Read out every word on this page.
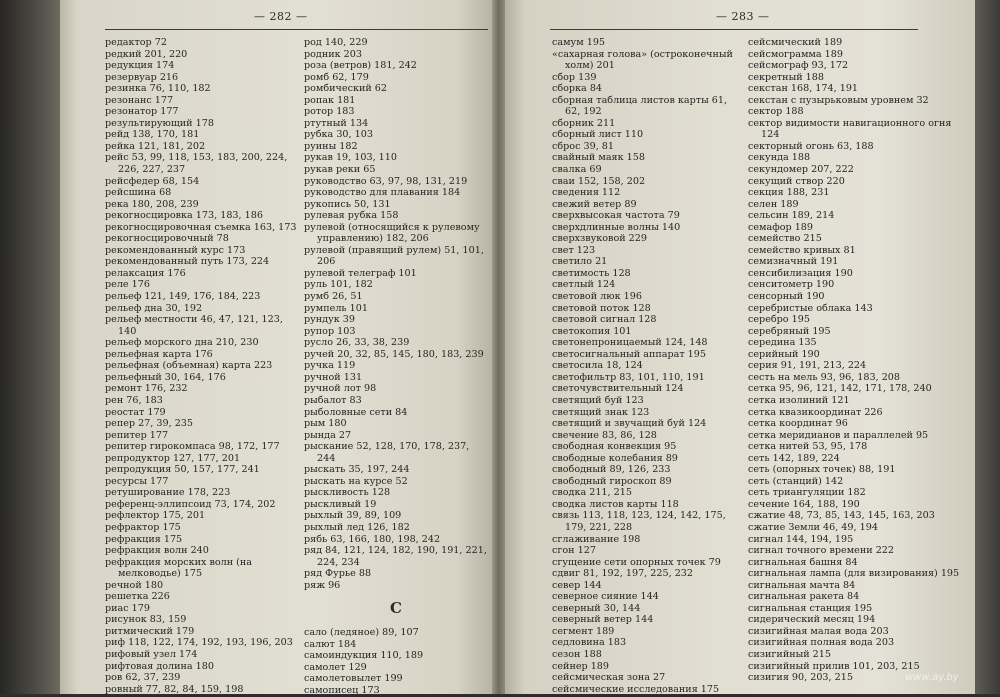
— 282 —
редактор 72
редкий 201, 220
редукция 174
резервуар 216
резинка 76, 110, 182
резонанс 177
резонатор 177
результирующий 178
рейд 138, 170, 181
рейка 121, 181, 202
рейс 53, 99, 118, 153, 183, 200, 224, 226, 227, 237
рейсфедер 68, 154
рейсшина 68
река 180, 208, 239
рекогносцировка 173, 183, 186
рекогносцировочная съемка 163, 173
рекогносцировочный 78
рекомендованный курс 173
рекомендованный путь 173, 224
релаксация 176
реле 176
рельеф 121, 149, 176, 184, 223
рельеф дна 30, 192
рельеф местности 46, 47, 121, 123, 140
рельеф морского дна 210, 230
рельефная карта 176
рельефная (объемная) карта 223
рельефный 30, 164, 176
ремонт 176, 232
рен 76, 183
реостат 179
репер 27, 39, 235
репитер 177
репитер гирокомпаса 98, 172, 177
репродуктор 127, 177, 201
репродукция 50, 157, 177, 241
ресурсы 177
ретуширование 178, 223
референц-эллипсоид 73, 174, 202
рефлектор 175, 201
рефрактор 175
рефракция 175
рефракция волн 240
рефракция морских волн (на мелководье) 175
речной 180
решетка 226
риас 179
рисунок 83, 159
ритмический 179
риф 118, 122, 174, 192, 193, 196, 203
рифовый узел 174
рифтовая долина 180
ров 62, 37, 239
ровный 77, 82, 84, 159, 198
род 140, 229
родник 203
роза (ветров) 181, 242
ромб 62, 179
ромбический 62
ропак 181
ротор 183
ртутный 134
рубка 30, 103
руины 182
рукав 19, 103, 110
рукав реки 65
руководство 63, 97, 98, 131, 219
руководство для плавания 184
рукопись 50, 131
рулевая рубка 158
рулевой (относящийся к рулевому управлению) 182, 206
рулевой (правящий рулем) 51, 101, 206
рулевой телеграф 101
руль 101, 182
румб 26, 51
румпель 101
рундук 39
рупор 103
русло 26, 33, 38, 239
ручей 20, 32, 85, 145, 180, 183, 239
ручка 119
ручной 131
ручной лот 98
рыбалот 83
рыболовные сети 84
рым 180
рында 27
рыскание 52, 128, 170, 178, 237, 244
рыскать 35, 197, 244
рыскать на курсе 52
рыскливость 128
рыскливый 19
рыхлый 39, 89, 109
рыхлый лед 126, 182
рябь 63, 166, 180, 198, 242
ряд 84, 121, 124, 182, 190, 191, 221, 224, 234
ряд Фурье 88
ряж 96
С
сало (ледяное) 89, 107
салют 184
самоиндукция 110, 189
самолет 129
самолетовылет 199
самописец 173
— 283 —
самум 195
«сахарная голова» (остроконечный холм) 201
сбор 139
сборка 84
сборная таблица листов карты 61, 62, 192
сборник 211
сборный лист 110
сброс 39, 81
свайный маяк 158
свалка 69
сваи 152, 158, 202
сведения 112
свежий ветер 89
сверхвысокая частота 79
сверхдлинные волны 140
сверхзвуковой 229
свет 123
светило 21
светимость 128
светлый 124
световой люк 196
световой поток 128
световой сигнал 128
светокопия 101
светонепроницаемый 124, 148
светосигнальный аппарат 195
светосила 18, 124
светофильтр 83, 101, 110, 191
светочувствительный 124
светящий буй 123
светящий знак 123
светящий и звучащий буй 124
свечение 83, 86, 128
свободная конвекция 95
свободные колебания 89
свободный 89, 126, 233
свободный гироскоп 89
сводка 211, 215
сводка листов карты 118
связь 113, 118, 123, 124, 142, 175, 179, 221, 228
сглаживание 198
сгон 127
сгущение сети опорных точек 79
сдвиг 81, 192, 197, 225, 232
север 144
северное сияние 144
северный 30, 144
северный ветер 144
сегмент 189
седловина 183
сезон 188
сейнер 189
сейсмическая зона 27
сейсмические исследования 175
сейсмический 189
сейсмограмма 189
сейсмограф 93, 172
секретный 188
секстан 168, 174, 191
секстан с пузырьковым уровнем 32
сектор 188
сектор видимости навигационного огня 124
секторный огонь 63, 188
секунда 188
секундомер 207, 222
секущий створ 220
секция 188, 231
селен 189
сельсин 189, 214
семафор 189
семейство 215
семейство кривых 81
семизначный 191
сенсибилизация 190
сенситометр 190
сенсорный 190
серебристые облака 143
серебро 195
серебряный 195
середина 135
серийный 190
серия 91, 191, 213, 224
сесть на мель 93, 96, 183, 208
сетка 95, 96, 121, 142, 171, 178, 240
сетка изолиний 121
сетка квазикоординат 226
сетка координат 96
сетка меридианов и параллелей 95
сетка нитей 53, 95, 178
сеть 142, 189, 224
сеть (опорных точек) 88, 191
сеть (станций) 142
сеть триангуляции 182
сечение 164, 188, 190
сжатие 48, 73, 85, 143, 145, 163, 203
сжатие Земли 46, 49, 194
сигнал 144, 194, 195
сигнал точного времени 222
сигнальная башня 84
сигнальная лампа (для визирования) 195
сигнальная мачта 84
сигнальная ракета 84
сигнальная станция 195
сидерический месяц 194
сизигийная малая вода 203
сизигийная полная вода 203
сизигийный 215
сизигийный прилив 101, 203, 215
сизигия 90, 203, 215	www.ay.by
